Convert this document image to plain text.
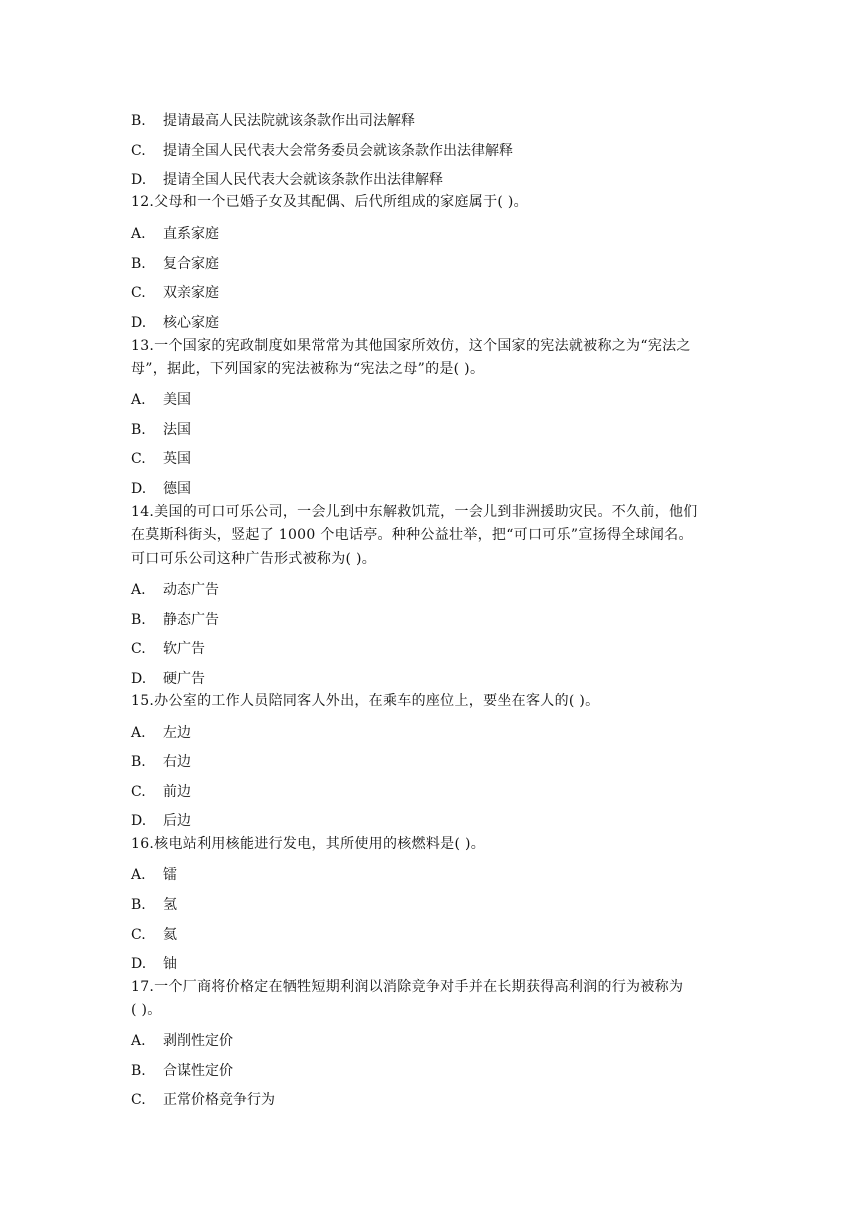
B. 提请最高人民法院就该条款作出司法解释
C. 提请全国人民代表大会常务委员会就该条款作出法律解释
D. 提请全国人民代表大会就该条款作出法律解释
12.父母和一个已婚子女及其配偶、后代所组成的家庭属于( )。
A. 直系家庭
B. 复合家庭
C. 双亲家庭
D. 核心家庭
13.一个国家的宪政制度如果常常为其他国家所效仿，这个国家的宪法就被称之为“宪法之
母”，据此，下列国家的宪法被称为“宪法之母”的是( )。
A. 美国
B. 法国
C. 英国
D. 德国
14.美国的可口可乐公司，一会儿到中东解救饥荒，一会儿到非洲援助灾民。不久前，他们
在莫斯科街头，竖起了 1000 个电话亭。种种公益壮举，把“可口可乐”宣扬得全球闻名。
可口可乐公司这种广告形式被称为( )。
A. 动态广告
B. 静态广告
C. 软广告
D. 硬广告
15.办公室的工作人员陪同客人外出，在乘车的座位上，要坐在客人的( )。
A. 左边
B. 右边
C. 前边
D. 后边
16.核电站利用核能进行发电，其所使用的核燃料是( )。
A. 镭
B. 氢
C. 氦
D. 铀
17.一个厂商将价格定在牺牲短期利润以消除竞争对手并在长期获得高利润的行为被称为
( )。
A. 剥削性定价
B. 合谋性定价
C. 正常价格竞争行为
